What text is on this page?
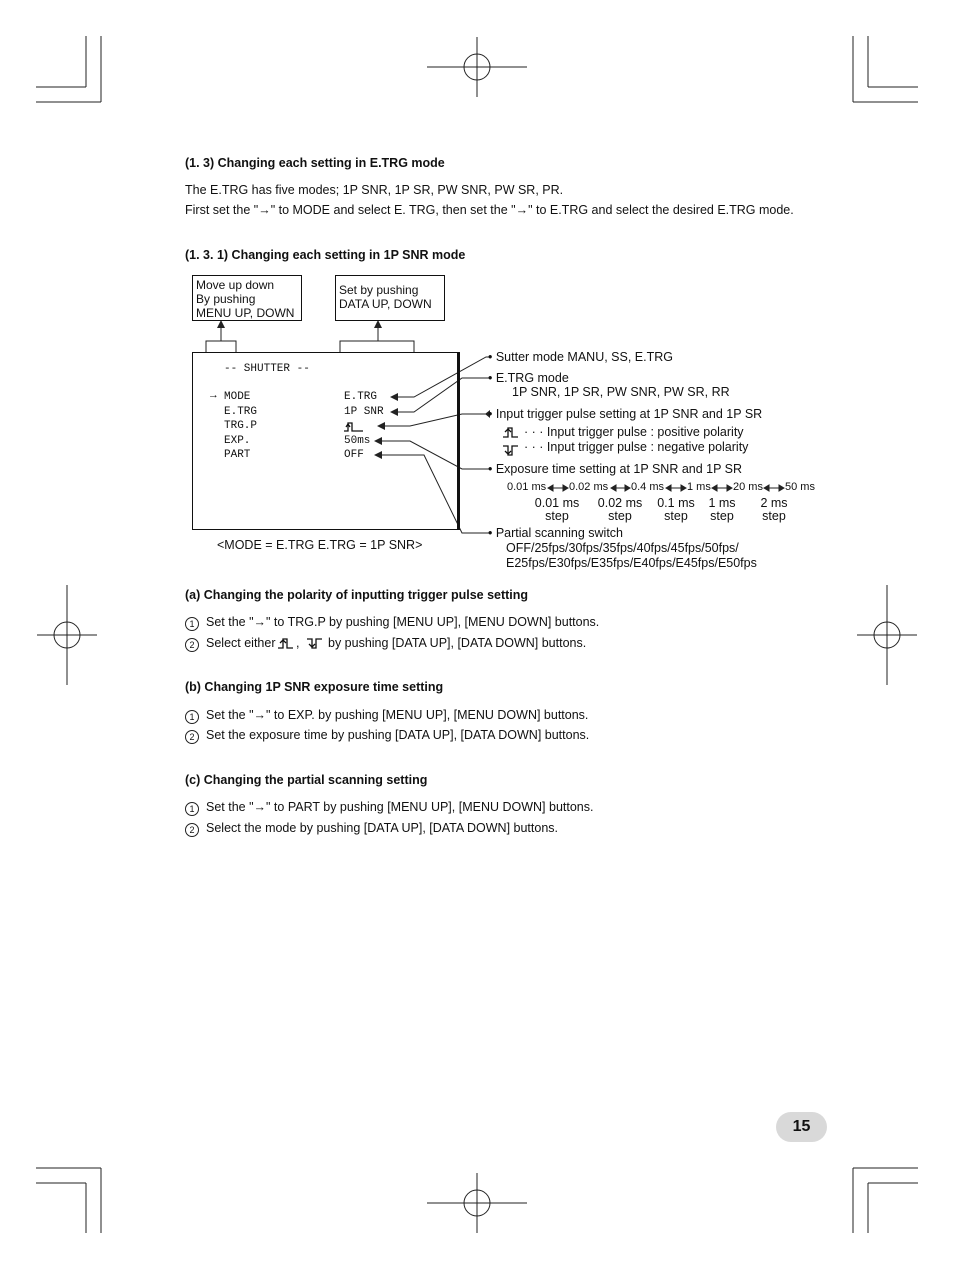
(1. 3) Changing each setting in E.TRG mode
The E.TRG has five modes; 1P SNR, 1P SR, PW SNR, PW SR, PR.
First set the "→" to MODE and select E. TRG, then set the "→" to E.TRG and select the desired E.TRG mode.
(1. 3. 1) Changing each setting in 1P SNR mode
Move up down
By pushing
MENU UP, DOWN
Set by pushing
DATA UP, DOWN
-- SHUTTER --
→ MODE
E.TRG
TRG.P
EXP.
PART
E.TRG
1P SNR
50ms
OFF
<MODE = E.TRG E.TRG = 1P SNR>
• Sutter mode MANU, SS, E.TRG
• E.TRG mode
1P SNR, 1P SR, PW SNR, PW SR, RR
• Input trigger pulse setting at 1P SNR and 1P SR
· · · Input trigger pulse : positive polarity
· · · Input trigger pulse : negative polarity
• Exposure time setting at 1P SNR and 1P SR
0.01 ms 0.02 ms 0.4 ms 1 ms 20 ms 50 ms
0.01 ms
step
0.02 ms
step
0.1 ms
step
1 ms
step
2 ms
step
• Partial scanning switch
OFF/25fps/30fps/35fps/40fps/45fps/50fps/
E25fps/E30fps/E35fps/E40fps/E45fps/E50fps
(a) Changing the polarity of inputting trigger pulse setting
1 Set the "→" to TRG.P by pushing [MENU UP], [MENU DOWN] buttons.
2 Select either , by pushing [DATA UP], [DATA DOWN] buttons.
(b) Changing 1P SNR exposure time setting
1 Set the "→" to EXP. by pushing [MENU UP], [MENU DOWN] buttons.
2 Set the exposure time by pushing [DATA UP], [DATA DOWN] buttons.
(c) Changing the partial scanning setting
1 Set the "→" to PART by pushing [MENU UP], [MENU DOWN] buttons.
2 Select the mode by pushing [DATA UP], [DATA DOWN] buttons.
15
